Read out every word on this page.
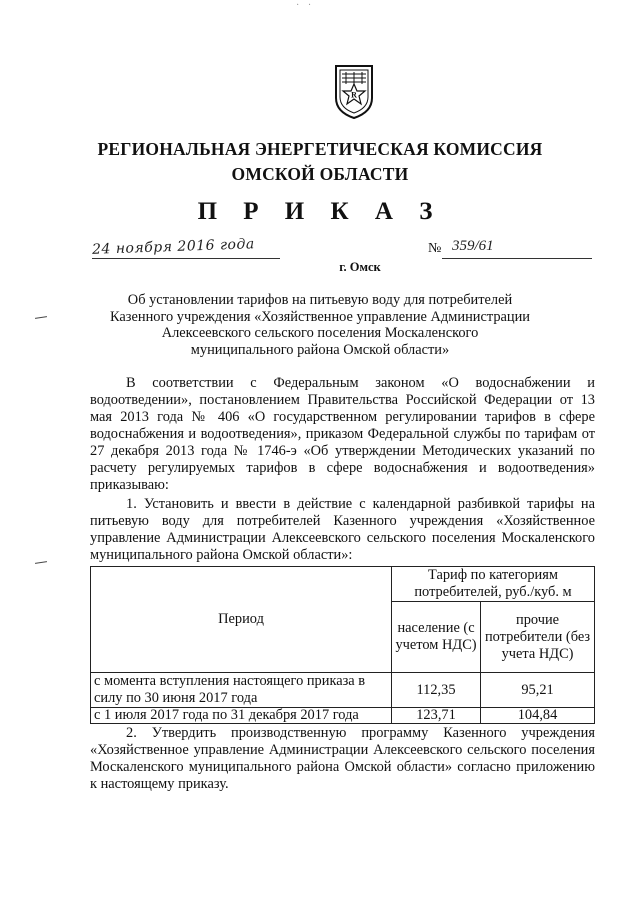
R
· ·
РЕГИОНАЛЬНАЯ ЭНЕРГЕТИЧЕСКАЯ КОМИССИЯ
ОМСКОЙ ОБЛАСТИ
П Р И К А З
24 ноября 2016 года	№ 359/61
г. Омск
Об установлении тарифов на питьевую воду для потребителей Казенного учреждения «Хозяйственное управление Администрации Алексеевского сельского поселения Москаленского муниципального района Омской области»
В соответствии с Федеральным законом «О водоснабжении и водоотведении», постановлением Правительства Российской Федерации от 13 мая 2013 года № 406 «О государственном регулировании тарифов в сфере водоснабжения и водоотведения», приказом Федеральной службы по тарифам от 27 декабря 2013 года № 1746-э «Об утверждении Методических указаний по расчету регулируемых тарифов в сфере водоснабжения и водоотведения» приказываю:
1. Установить и ввести в действие с календарной разбивкой тарифы на питьевую воду для потребителей Казенного учреждения «Хозяйственное управление Администрации Алексеевского сельского поселения Москаленского муниципального района Омской области»:
Период	Тариф по категориям потребителей, руб./куб. м	
	население (с учетом НДС)	прочие потребители (без учета НДС)
с момента вступления настоящего приказа в силу по 30 июня 2017 года	112,35	95,21
с 1 июля 2017 года по 31 декабря 2017 года	123,71	104,84
2. Утвердить производственную программу Казенного учреждения «Хозяйственное управление Администрации Алексеевского сельского поселения Москаленского муниципального района Омской области» согласно приложению к настоящему приказу.
